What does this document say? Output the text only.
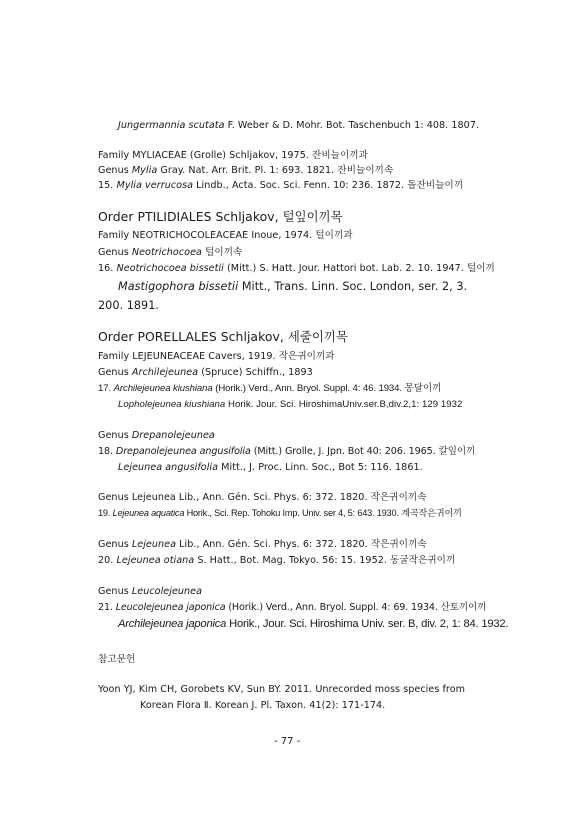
Jungermannia scutata F. Weber & D. Mohr. Bot. Taschenbuch 1: 408. 1807.
Family MYLIACEAE (Grolle) Schljakov, 1975. 잔비늘이끼과
Genus Mylia Gray. Nat. Arr. Brit. Pl. 1: 693. 1821. 잔비늘이끼속
15. Mylia verrucosa Lindb., Acta. Soc. Sci. Fenn. 10: 236. 1872. 돌잔비늘이끼
Order PTILIDIALES Schljakov, 털잎이끼목
Family NEOTRICHOCOLEACEAE Inoue, 1974. 털이끼과
Genus Neotrichocoea 털이끼속
16. Neotrichocoea bissetii (Mitt.) S. Hatt. Jour. Hattori bot. Lab. 2. 10. 1947. 털이끼
Mastigophora bissetii Mitt., Trans. Linn. Soc. London, ser. 2, 3. 200. 1891.
Order PORELLALES Schljakov, 세줄이끼목
Family LEJEUNEACEAE Cavers, 1919. 작은귀이끼과
Genus Archilejeunea (Spruce) Schiffn., 1893
17. Archilejeunea kiushiana (Horik.) Verd., Ann. Bryol. Suppl. 4: 46. 1934. 몽달이끼
Lopholejeunea kiushiana Horik. Jour. Sci. HiroshimaUniv.ser.B,div.2,1: 129 1932
Genus Drepanolejeunea
18. Drepanolejeunea angusifolia (Mitt.) Grolle, J. Jpn. Bot 40: 206. 1965. 칼잎이끼
Lejeunea angusifolia Mitt., J. Proc. Linn. Soc., Bot 5: 116. 1861.
Genus Lejeunea Lib., Ann. Gén. Sci. Phys. 6: 372. 1820. 작은귀이끼속
19. Lejeunea aquatica Horik., Sci. Rep. Tohoku Imp. Univ. ser 4, 5: 643. 1930. 계곡작은귀이끼
Genus Lejeunea Lib., Ann. Gén. Sci. Phys. 6: 372. 1820. 작은귀이끼속
20. Lejeunea otiana S. Hatt., Bot. Mag. Tokyo. 56: 15. 1952. 동굴작은귀이끼
Genus Leucolejeunea
21. Leucolejeunea japonica (Horik.) Verd., Ann. Bryol. Suppl. 4: 69. 1934. 산토끼이끼
Archilejeunea japonica Horik., Jour. Sci. Hiroshima Univ. ser. B, div. 2, 1: 84. 1932.
참고문헌
Yoon YJ, Kim CH, Gorobets KV, Sun BY. 2011. Unrecorded moss species from
Korean Flora Ⅱ. Korean J. Pl. Taxon. 41(2): 171-174.
- 77 -
